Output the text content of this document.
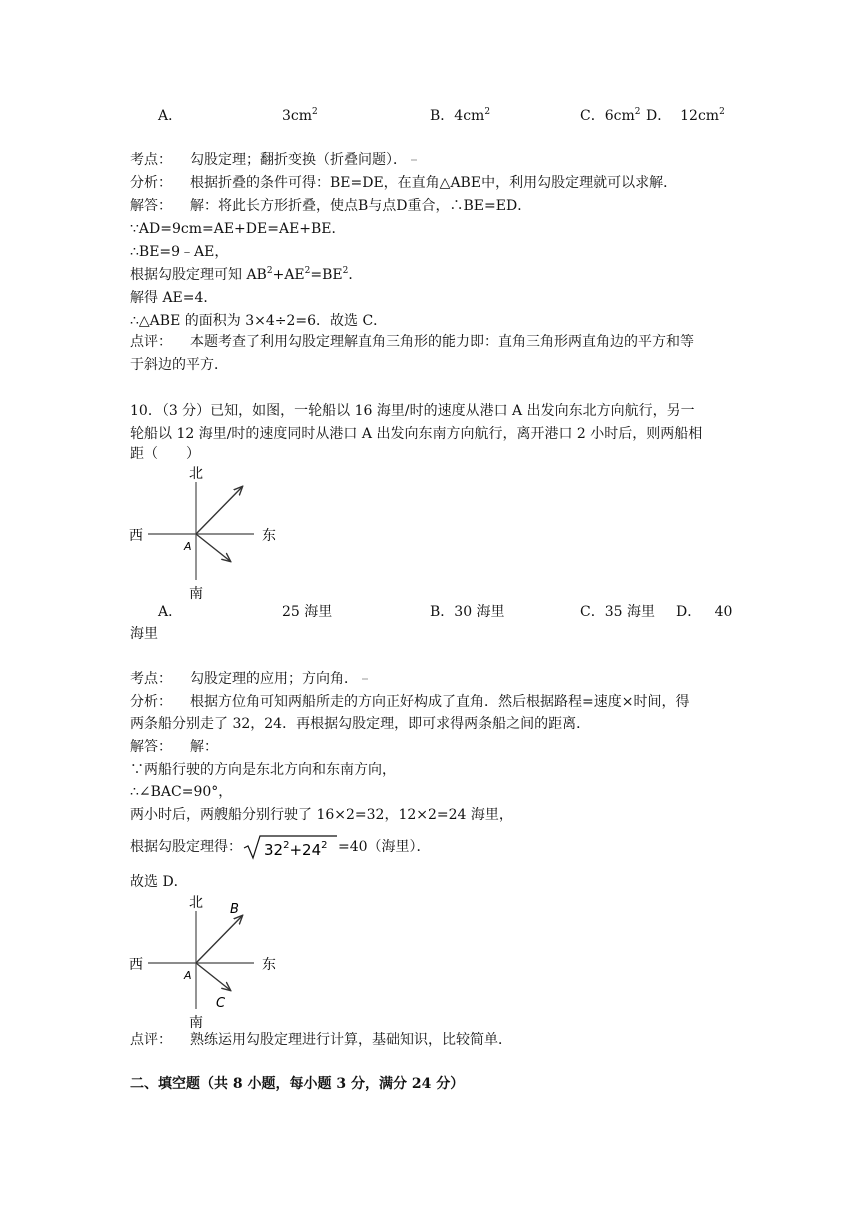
A．	$3cm^2$	B．$4cm^2$	C．$6cm^2$ D． $12cm^2$
考点： 勾股定理；翻折变换（折叠问题）．
分析： 根据折叠的条件可得：BE=DE，在直角△ABE中，利用勾股定理就可以求解．
解答： 解：将此长方形折叠，使点B与点D重合，∴BE=ED．
∵AD=9cm=AE+DE=AE+BE．
∴BE=9﹣AE，
根据勾股定理可知 $AB^2+AE^2=BE^2$．
解得 AE=4．
∴△ABE 的面积为 3×4÷2=6．故选 C．
点评： 本题考查了利用勾股定理解直角三角形的能力即：直角三角形两直角边的平方和等
于斜边的平方．
10．（3 分）已知，如图，一轮船以 16 海里/时的速度从港口 A 出发向东北方向航行，另一
轮船以 12 海里/时的速度同时从港口 A 出发向东南方向航行，离开港口 2 小时后，则两船相
距（　　）
北
南
西	东
A
A．	25 海里	B．30 海里	C．35 海里 D． 40
海里
考点： 勾股定理的应用；方向角．
分析： 根据方位角可知两船所走的方向正好构成了直角．然后根据路程=速度×时间，得
两条船分别走了 32，24．再根据勾股定理，即可求得两条船之间的距离．
解答： 解：
∵两船行驶的方向是东北方向和东南方向，
∴∠BAC=90°，
两小时后，两艘船分别行驶了 16×2=32，12×2=24 海里，
根据勾股定理得： $32^2+24^2 =40$（海里）．
故选 D．
北
南
西	东
A
B
C
点评： 熟练运用勾股定理进行计算，基础知识，比较简单．
二、填空题（共 8 小题，每小题 3 分，满分 24 分）
